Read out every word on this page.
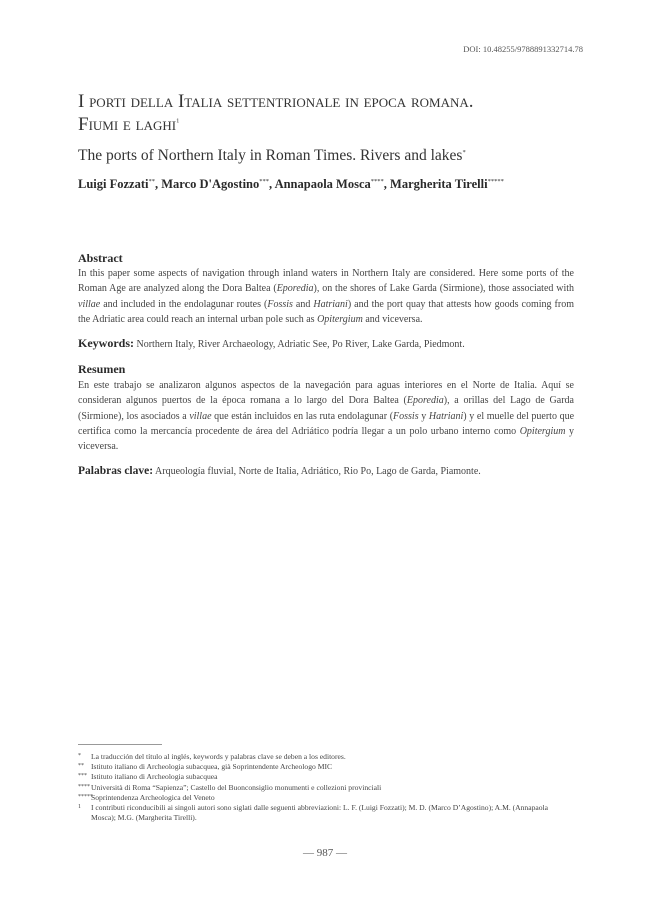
DOI: 10.48255/9788891332714.78
I porti della Italia settentrionale in epoca romana.
Fiumi e laghi$^1$
The ports of Northern Italy in Roman Times. Rivers and lakes*
Luigi Fozzati**, Marco D'Agostino***, Annapaola Mosca****, Margherita Tirelli*****
Abstract
In this paper some aspects of navigation through inland waters in Northern Italy are considered. Here some ports of the Roman Age are analyzed along the Dora Baltea (Eporedia), on the shores of Lake Garda (Sirmione), those associated with villae and included in the endolagunar routes (Fossis and Hatriani) and the port quay that attests how goods coming from the Adriatic area could reach an internal urban pole such as Opitergium and viceversa.
Keywords: Northern Italy, River Archaeology, Adriatic See, Po River, Lake Garda, Piedmont.
Resumen
En este trabajo se analizaron algunos aspectos de la navegación para aguas interiores en el Norte de Italia. Aquí se consideran algunos puertos de la época romana a lo largo del Dora Baltea (Eporedia), a orillas del Lago de Garda (Sirmione), los asociados a villae que están incluidos en las ruta endolagunar (Fossis y Hatriani) y el muelle del puerto que certifica como la mercancía procedente de área del Adriático podría llegar a un polo urbano interno como Opitergium y viceversa.
Palabras clave: Arqueología fluvial, Norte de Italia, Adriático, Rio Po, Lago de Garda, Piamonte.
*	La traducción del título al inglés, keywords y palabras clave se deben a los editores.
** Istituto italiano di Archeologia subacquea, già Soprintendente Archeologo MIC
*** Istituto italiano di Archeologia subacquea
**** Università di Roma “Sapienza”; Castello del Buonconsiglio monumenti e collezioni provinciali
*****
Soprintendenza Archeologica del Veneto
1	I contributi riconducibili ai singoli autori sono siglati dalle seguenti abbreviazioni: L. F. (Luigi Fozzati); M. D. (Marco D’Agostino); A.M. (Annapaola Mosca); M.G. (Margherita Tirelli).
— 987 —
